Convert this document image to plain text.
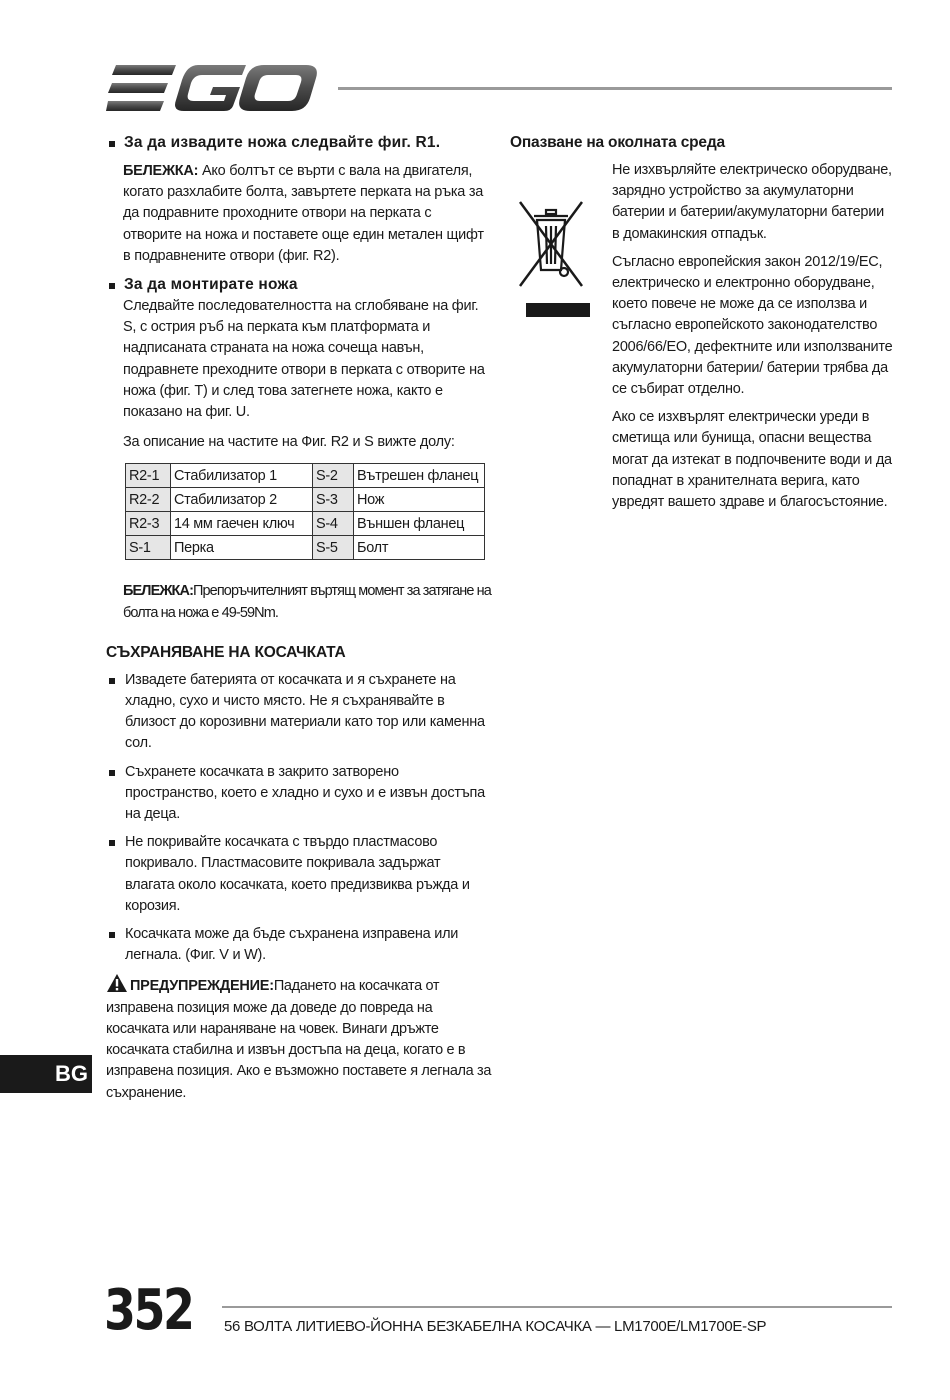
За да извадите ножа следвайте фиг. R1.

БЕЛЕЖКА: Ако болтът се върти с вала на двигателя, когато разхлабите болта, завъртете перката на ръка за да подравните проходните отвори на перката с отворите на ножа и поставете още един метален щифт в подравнените отвори (фиг. R2).

За да монтирате ножа

Следвайте последователността на сглобяване на фиг. S, с острия ръб на перката към платформата и надписаната страната на ножа сочеща навън, подравнете преходните отвори в перката с отворите на ножа (фиг. T) и след това затегнете ножа, както е показано на фиг. U.

За описание на частите на Фиг. R2 и S вижте долу:

R2-1	Стабилизатор 1	S-2	Вътрешен фланец
R2-2	Стабилизатор 2	S-3	Нож
R2-3	14 мм гаечен ключ	S-4	Външен фланец
S-1	Перка	S-5	Болт

БЕЛЕЖКА:Препоръчителният въртящ момент за затягане на болта на ножа е 49-59Nm.

СЪХРАНЯВАНЕ НА КОСАЧКАТА

Извадете батерията от косачката и я съхранете на хладно, сухо и чисто място. Не я съхранявайте в близост до корозивни материали като тор или каменна сол.

Съхранете косачката в закрито затворено пространство, което е хладно и сухо и е извън достъпа на деца.

Не покривайте косачката с твърдо пластмасово покривало. Пластмасовите покривала задържат влагата около косачката, което предизвиква ръжда и корозия.

Косачката може да бъде съхранена изправена или легнала. (Фиг. V и W).

ПРЕДУПРЕЖДЕНИЕ:Падането на косачката от изправена позиция може да доведе до повреда на косачката или нараняване на човек. Винаги дръжте косачката стабилна и извън достъпа на деца, когато е в изправена позиция. Ако е възможно поставете я легнала за съхранение.

Опазване на околната среда

Не изхвърляйте електрическо оборудване, зарядно устройство за акумулаторни батерии и батерии/акумулаторни батерии в домакинския отпадък.

Съгласно европейския закон 2012/19/EC, електрическо и електронно оборудване, което повече не може да се използва и съгласно европейското законодателство 2006/66/EO, дефектните или използваните акумулаторни батерии/ батерии трябва да се събират отделно.

Ако се изхвърлят електрически уреди в сметища или бунища, опасни вещества могат да изтекат в подпочвените води и да попаднат в хранителната верига, като увредят вашето здраве и благосъстояние.

BG
352 56 ВОЛТА ЛИТИЕВО-ЙОННА БЕЗКАБЕЛНА КОСАЧКА — LM1700E/LM1700E-SP
